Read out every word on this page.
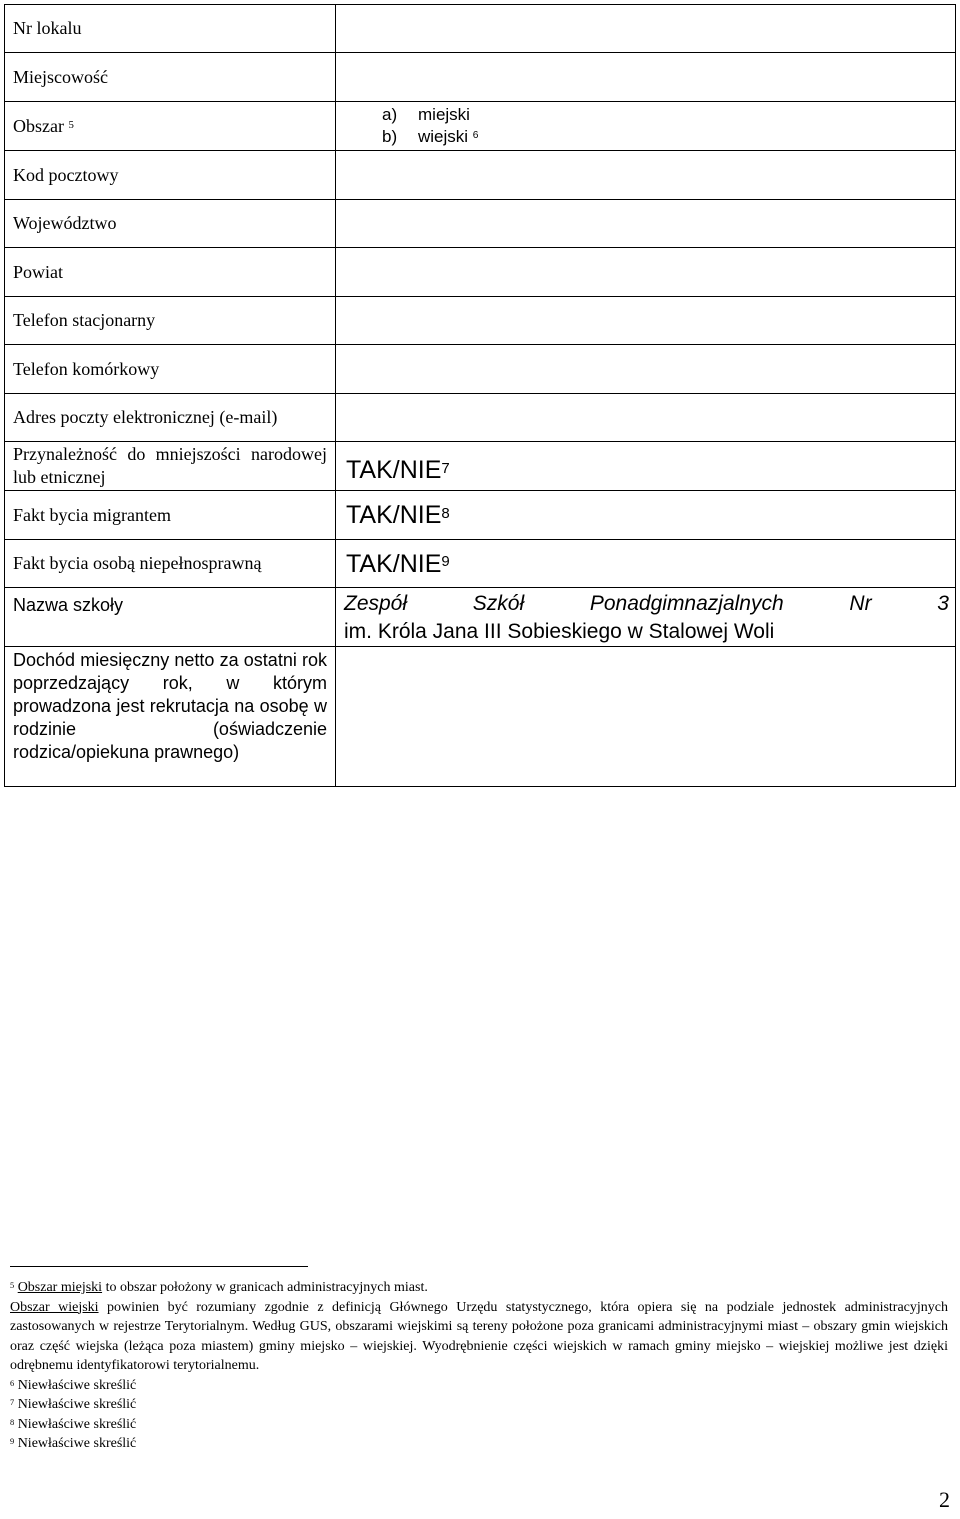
Nr lokalu	
Miejscowość	
Obszar $^5$	a) miejski
b) wiejski $^6$

Kod pocztowy	
Województwo	
Powiat	
Telefon stacjonarny	
Telefon komórkowy	
Adres poczty elektronicznej (e-mail)	
Przynależność do mniejszości narodowej lub etnicznej	TAK/NIE$^7$

Fakt bycia migrantem	TAK/NIE$^8$

Fakt bycia osobą niepełnosprawną	TAK/NIE$^9$

Nazwa szkoły	Zespół Szkół Ponadgimnazjalnych Nr 3
im. Króla Jana III Sobieskiego w Stalowej Woli

Dochód miesięczny netto za ostatni rok poprzedzający rok, w którym prowadzona jest rekrutacja na osobę w rodzinie (oświadczenie rodzica/opiekuna prawnego)	

$^5$ Obszar miejski to obszar położony w granicach administracyjnych miast.

Obszar wiejski powinien być rozumiany zgodnie z definicją Głównego Urzędu statystycznego, która opiera się na podziale jednostek administracyjnych zastosowanych w rejestrze Terytorialnym. Według GUS, obszarami wiejskimi są tereny położone poza granicami administracyjnymi miast – obszary gmin wiejskich oraz część wiejska (leżąca poza miastem) gminy miejsko – wiejskiej. Wyodrębnienie części wiejskich w ramach gminy miejsko – wiejskiej możliwe jest dzięki odrębnemu identyfikatorowi terytorialnemu.

$^6$ Niewłaściwe skreślić

$^7$ Niewłaściwe skreślić

$^8$ Niewłaściwe skreślić

$^9$ Niewłaściwe skreślić

2
